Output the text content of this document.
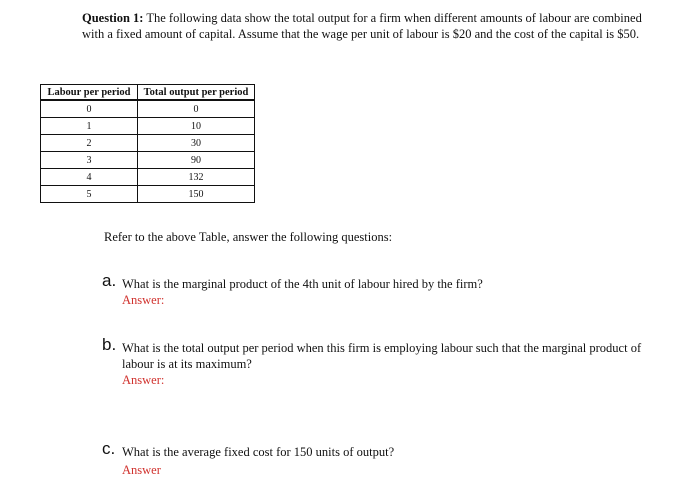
Question 1: The following data show the total output for a firm when different amounts of labour are combined with a fixed amount of capital. Assume that the wage per unit of labour is $20 and the cost of the capital is $50.

Labour per period	Total output per period
0	0
1	10
2	30
3	90
4	132
5	150

Refer to the above Table, answer the following questions:

a. What is the marginal product of the 4th unit of labour hired by the firm?

Answer:

b. What is the total output per period when this firm is employing labour such that the marginal product of labour is at its maximum?

Answer:

c. What is the average fixed cost for 150 units of output?

Answer
